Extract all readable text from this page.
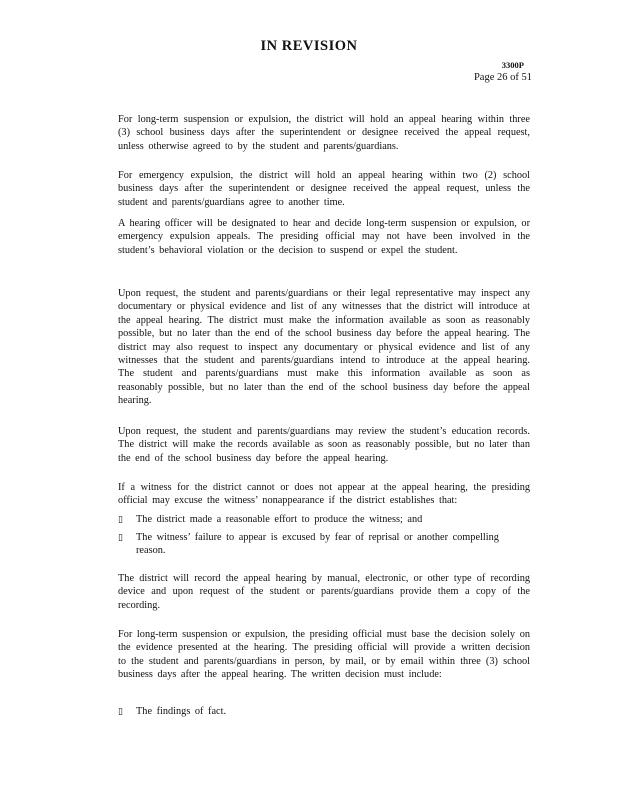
IN REVISION
3300P
Page 26 of 51

For long-term suspension or expulsion, the district will hold an appeal hearing within three (3) school business days after the superintendent or designee received the appeal request, unless otherwise agreed to by the student and parents/guardians.

For emergency expulsion, the district will hold an appeal hearing within two (2) school business days after the superintendent or designee received the appeal request, unless the student and parents/guardians agree to another time.

A hearing officer will be designated to hear and decide long-term suspension or expulsion, or emergency expulsion appeals. The presiding official may not have been involved in the student’s behavioral violation or the decision to suspend or expel the student.

Upon request, the student and parents/guardians or their legal representative may inspect any documentary or physical evidence and list of any witnesses that the district will introduce at the appeal hearing. The district must make the information available as soon as reasonably possible, but no later than the end of the school business day before the appeal hearing. The district may also request to inspect any documentary or physical evidence and list of any witnesses that the student and parents/guardians intend to introduce at the appeal hearing. The student and parents/guardians must make this information available as soon as reasonably possible, but no later than the end of the school business day before the appeal hearing.

Upon request, the student and parents/guardians may review the student’s education records. The district will make the records available as soon as reasonably possible, but no later than the end of the school business day before the appeal hearing.

If a witness for the district cannot or does not appear at the appeal hearing, the presiding official may excuse the witness’ nonappearance if the district establishes that:

▯	The district made a reasonable effort to produce the witness; and
▯	The witness’ failure to appear is excused by fear of reprisal or another compelling reason.

The district will record the appeal hearing by manual, electronic, or other type of recording device and upon request of the student or parents/guardians provide them a copy of the recording.

For long-term suspension or expulsion, the presiding official must base the decision solely on the evidence presented at the hearing. The presiding official will provide a written decision to the student and parents/guardians in person, by mail, or by email within three (3) school business days after the appeal hearing. The written decision must include:

▯	The findings of fact.
